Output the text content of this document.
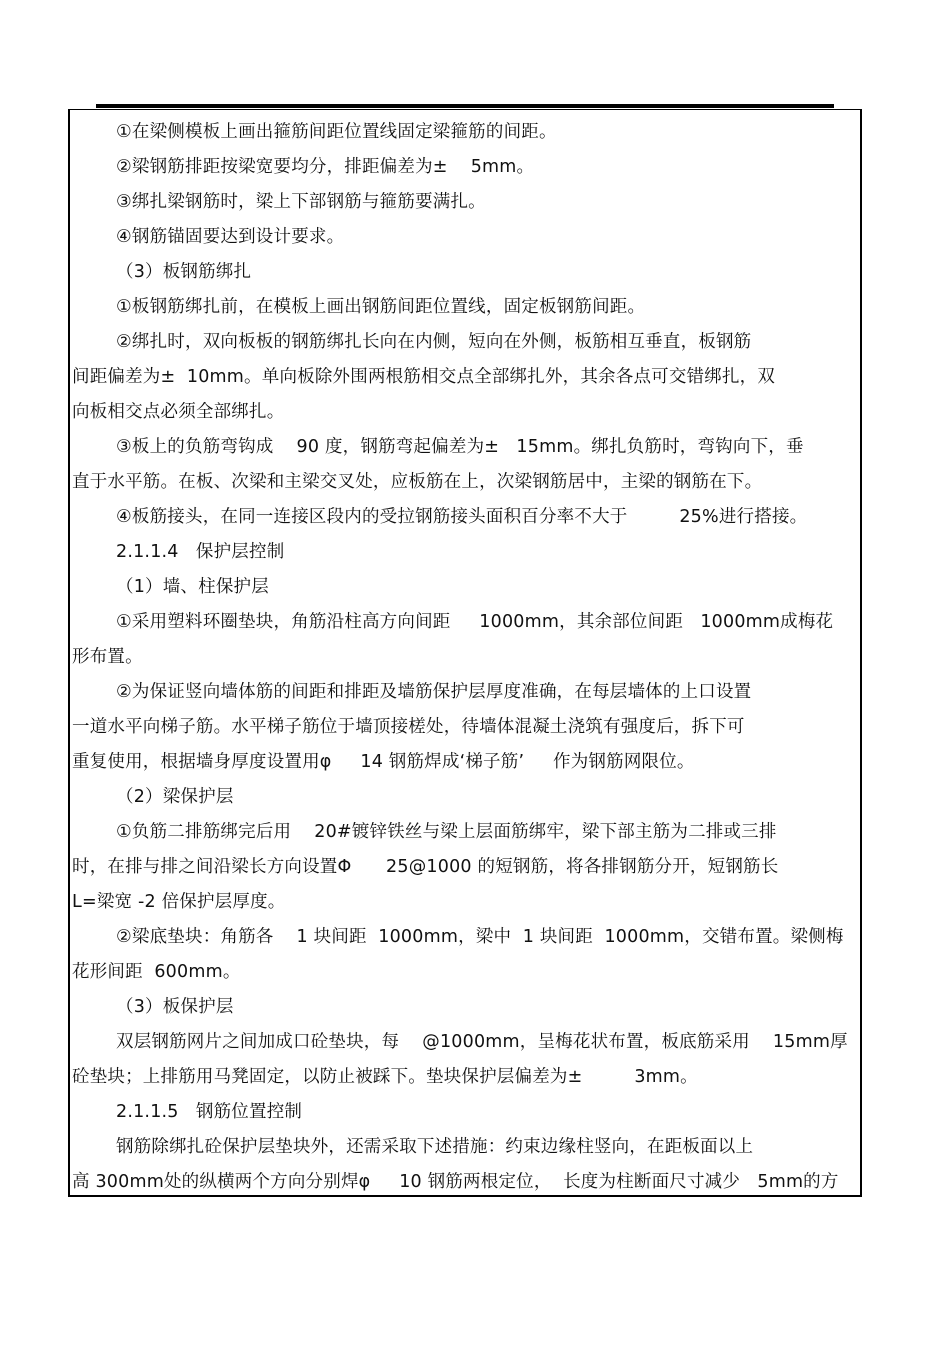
①在梁侧模板上画出箍筋间距位置线固定梁箍筋的间距。
②梁钢筋排距按梁宽要均分，排距偏差为±    5mm。
③绑扎梁钢筋时，梁上下部钢筋与箍筋要满扎。
④钢筋锚固要达到设计要求。
（3）板钢筋绑扎
①板钢筋绑扎前，在模板上画出钢筋间距位置线，固定板钢筋间距。
②绑扎时，双向板板的钢筋绑扎长向在内侧，短向在外侧，板筋相互垂直，板钢筋
间距偏差为±  10mm。单向板除外围两根筋相交点全部绑扎外，其余各点可交错绑扎，双
向板相交点必须全部绑扎。
③板上的负筋弯钩成    90 度，钢筋弯起偏差为±   15mm。绑扎负筋时，弯钩向下，垂
直于水平筋。在板、次梁和主梁交叉处，应板筋在上，次梁钢筋居中，主梁的钢筋在下。
④板筋接头，在同一连接区段内的受拉钢筋接头面积百分率不大于         25%进行搭接。
2.1.1.4   保护层控制
（1）墙、柱保护层
①采用塑料环圈垫块，角筋沿柱高方向间距     1000mm，其余部位间距   1000mm成梅花
形布置。
②为保证竖向墙体筋的间距和排距及墙筋保护层厚度准确，在每层墙体的上口设置
一道水平向梯子筋。水平梯子筋位于墙顶接槎处，待墙体混凝土浇筑有强度后，拆下可
重复使用，根据墙身厚度设置用φ     14 钢筋焊成‘梯子筋’     作为钢筋网限位。
（2）梁保护层
①负筋二排筋绑完后用    20#镀锌铁丝与梁上层面筋绑牢，梁下部主筋为二排或三排
时，在排与排之间沿梁长方向设置Φ      25@1000 的短钢筋，将各排钢筋分开，短钢筋长
L=梁宽 -2 倍保护层厚度。
②梁底垫块：角筋各    1 块间距  1000mm，梁中  1 块间距  1000mm，交错布置。梁侧梅
花形间距  600mm。
（3）板保护层
双层钢筋网片之间加成口砼垫块，每    @1000mm，呈梅花状布置，板底筋采用    15mm厚
砼垫块；上排筋用马凳固定，以防止被踩下。垫块保护层偏差为±         3mm。
2.1.1.5   钢筋位置控制
钢筋除绑扎砼保护层垫块外，还需采取下述措施：约束边缘柱竖向，在距板面以上
高 300mm处的纵横两个方向分别焊φ     10 钢筋两根定位，  长度为柱断面尺寸减少   5mm的方
